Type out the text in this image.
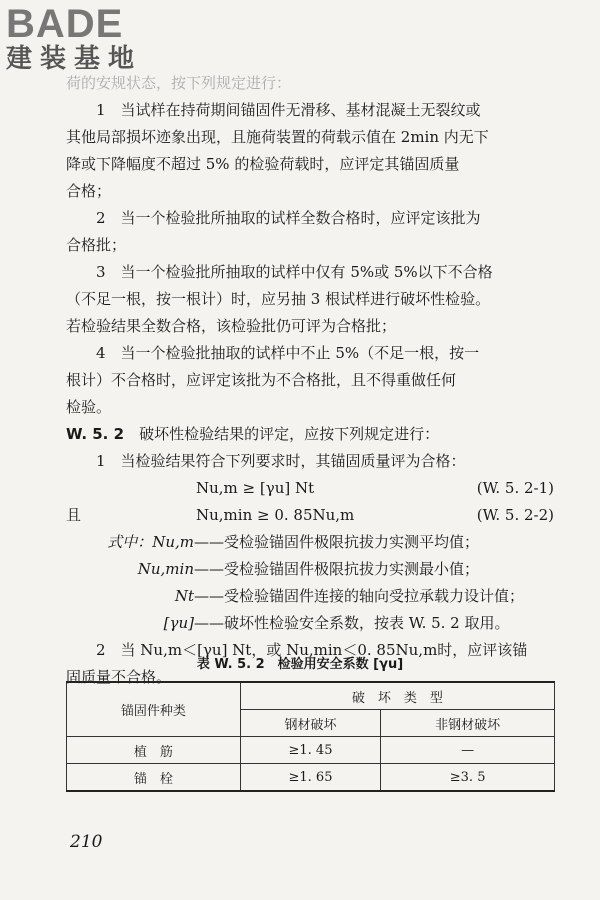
BADE
建装基地
荷的安规状态，按下列规定进行：
1　当试样在持荷期间锚固件无滑移、基材混凝土无裂纹或
其他局部损坏迹象出现，且施荷装置的荷载示值在 2min 内无下
降或下降幅度不超过 5% 的检验荷载时，应评定其锚固质量
合格；
2　当一个检验批所抽取的试样全数合格时，应评定该批为
合格批；
3　当一个检验批所抽取的试样中仅有 5%或 5%以下不合格
（不足一根，按一根计）时，应另抽 3 根试样进行破坏性检验。
若检验结果全数合格，该检验批仍可评为合格批；
4　当一个检验批抽取的试样中不止 5%（不足一根，按一
根计）不合格时，应评定该批为不合格批，且不得重做任何
检验。
W. 5. 2　 破坏性检验结果的评定，应按下列规定进行：
1　当检验结果符合下列要求时，其锚固质量评为合格：
Nu,m ≥ [γu] Nt	(W. 5. 2-1)
且	Nu,min ≥ 0. 85Nu,m	(W. 5. 2-2)
式中：Nu,m ——受检验锚固件极限抗拔力实测平均值；
Nu,min ——受检验锚固件极限抗拔力实测最小值；
Nt ——受检验锚固件连接的轴向受拉承载力设计值；
[γu] ——破坏性检验安全系数，按表 W. 5. 2 取用。
2　当 Nu,m＜[γu] Nt，或 Nu,min＜0. 85Nu,m时，应评该锚
固质量不合格。
表 W. 5. 2　检验用安全系数 [γu]
锚固件种类	破　坏　类　型	
	钢材破坏	非钢材破坏
植　筋	≥1. 45	—
锚　栓	≥1. 65	≥3. 5
210
